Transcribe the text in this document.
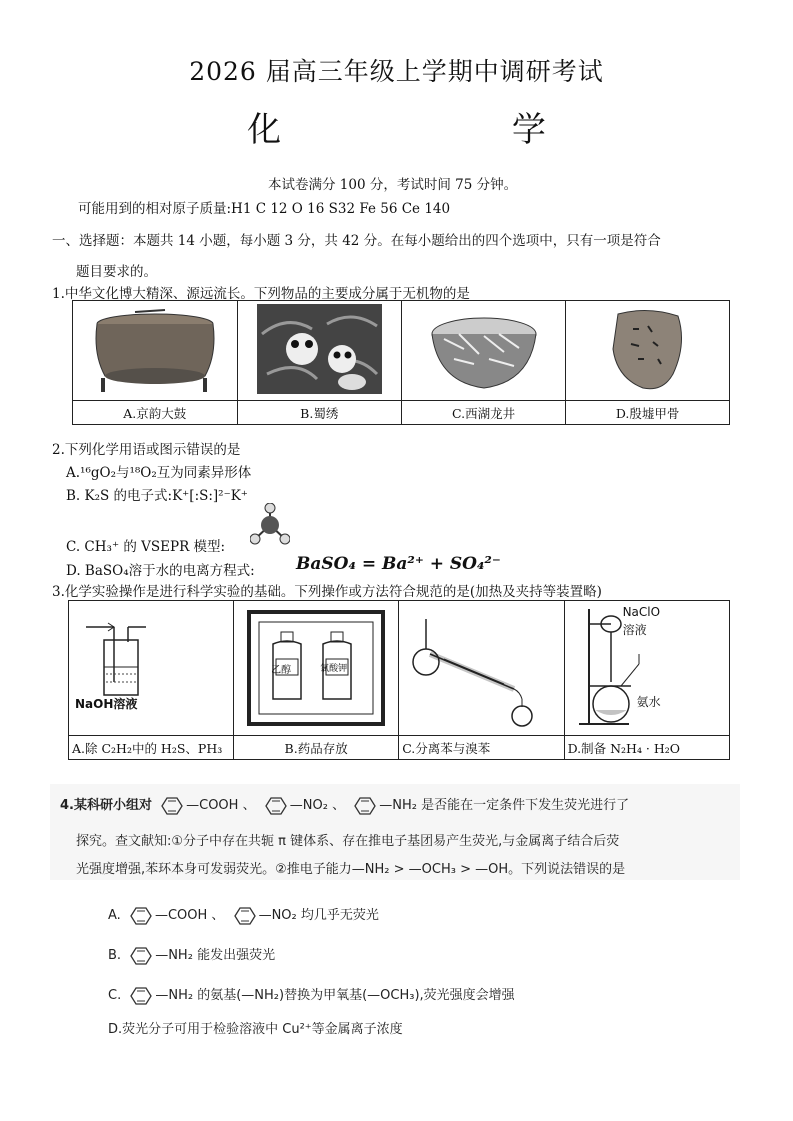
2026 届高三年级上学期中调研考试
化 学
本试卷满分 100 分，考试时间 75 分钟。
可能用到的相对原子质量:H1 C 12 O 16 S32 Fe 56 Ce 140
一、选择题：本题共 14 小题，每小题 3 分，共 42 分。在每小题给出的四个选项中，只有一项是符合
题目要求的。
1.中华文化博大精深、源远流长。下列物品的主要成分属于无机物的是

A.京韵大鼓	B.蜀绣	C.西湖龙井	D.殷墟甲骨
2.下列化学用语或图示错误的是
A.¹⁶gO₂与¹⁸O₂互为同素异形体
B. K₂S 的电子式:K⁺[:S:]²⁻K⁺
C. CH₃⁺ 的 VSEPR 模型:
D. BaSO₄溶于水的电离方程式: BaSO₄ = Ba²⁺ + SO₄²⁻
3.化学实验操作是进行科学实验的基础。下列操作或方法符合规范的是(加热及夹持等装置略)
NaOH溶液	乙醇 氯酸钾		NaClO
溶液
氨水

A.除 C₂H₂中的 H₂S、PH₃	B.药品存放	C.分离苯与溴苯	D.制备 N₂H₄ · H₂O
4.某科研小组对	—COOH 、	—NO₂ 、	—NH₂ 是否能在一定条件下发生荧光进行了
探究。查文献知:①分子中存在共轭 π 键体系、存在推电子基团易产生荧光,与金属离子结合后荧
光强度增强,苯环本身可发弱荧光。②推电子能力—NH₂ > —OCH₃ > —OH。下列说法错误的是
A.	—COOH 、	—NO₂ 均几乎无荧光
B.	—NH₂ 能发出强荧光
C.	—NH₂ 的氨基(—NH₂)替换为甲氧基(—OCH₃),荧光强度会增强
D.荧光分子可用于检验溶液中 Cu²⁺等金属离子浓度
